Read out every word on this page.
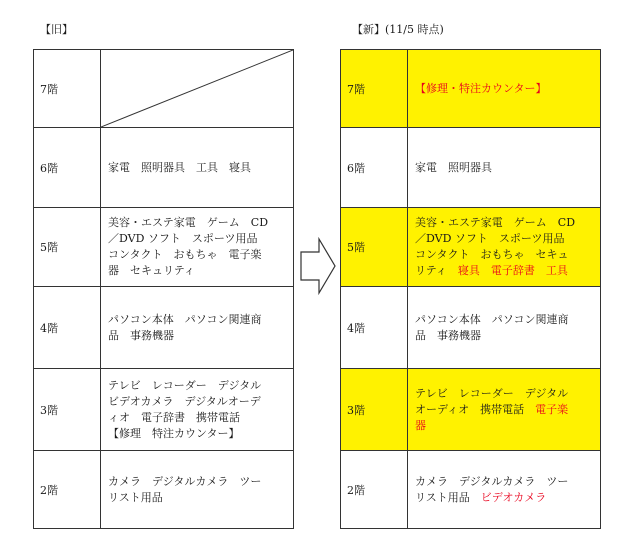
【旧】	【新】(11/5 時点)
7階	

6階	家電　照明器具　工具　寝具

5階	美容・エステ家電　ゲーム　CD
／DVD ソフト　スポーツ用品
コンタクト　おもちゃ　電子楽
器　セキュリティ

4階	パソコン本体　パソコン関連商
品　事務機器

3階	テレビ　レコーダー　デジタル
ビデオカメラ　デジタルオーデ
ィオ　電子辞書　携帯電話
【修理　特注カウンター】

2階	カメラ　デジタルカメラ　ツー
リスト用品
7階	【修理・特注カウンター】

6階	家電　照明器具

5階	美容・エステ家電　ゲーム　CD
／DVD ソフト　スポーツ用品
コンタクト　おもちゃ　セキュ
リティ　寝具　電子辞書　工具

4階	パソコン本体　パソコン関連商
品　事務機器

3階	テレビ　レコーダー　デジタル
オーディオ　携帯電話　電子楽
器

2階	カメラ　デジタルカメラ　ツー
リスト用品　ビデオカメラ
